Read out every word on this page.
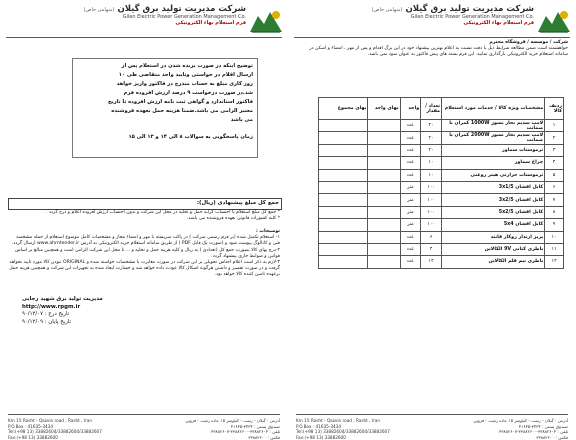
شرکت مدیریت تولید برق گیلان (سهامی خاص)
Gilan Electric Power Generation Management Co.
فرم استعلام بهاء الکترونیکی
توضیح اینکه در صورت برنده شدن در استعلام پس از
ارسال اقلام در خواستی وتایید واحد متقاضی ظی ۱۰
روز کاری مبلغ به حساب مندرج در فاکتور واریز خواهد
شد.در صورت درخواست ۹ درصد ارزش افزوده فرم
فاکتور استاندارد و گواهی ثبت نامه ارزش افزوده تا تاریخ
معتبر الزامی می باشد.ضمنا هزینه حمل بعهده فروشنده
می باشد
زمان پاسخگویی به سوالات ۸ الی ۱۴ و ۱۳ الی ۱۵
جمع کل مبلغ پیشنهادی (ریال):
* جمع کل مبلغ استعلام با احتساب کرایه حمل و تخلیه در محل این شرکت و بدون احتساب ارزش افزوده اعلام و درج گردد .
* کلیه کسورات قانونی بعهده فروشنده می باشد.
توضیحات :
۱- استعلام تکمیل شده (بر فرم رسمی شرکت ) در پاکت سربسته با مهر و امضاء مجاز و مشخصات کامل موضوع استعلام از جمله مشخصه فنی و کاتالوگ پیوست شود و (صورت یک فایل PDF ) از طریق سامانه استعلام خرید الکترونیکی به آدرس www.ahrntender.ir ارسال گردد.
۲-درج بهای کالا بصورت جمع کل (تعدادی ) به ریال و کلیه هزینه حمل و تخلیه و ... تا محل این شرکت الزامی است و همچنین مبالغ بر اساس قوانین و ضوابط جاری پیشنهاد گردد.
۳-لازم به ذکر است اعلام اجناس تحویلی بر این شرکت در صورت مغایرت با مشخصات خواسته شده و ORIGINAL نبودن کالا مورد تایید نخواهد گرفت و در صورت تقصیر و داشتن هرگونه اشکال کالا عودت داده خواهد شد و خسارت ایجاد شده به تجهیزات این شرکت و همچنین هزینه حمل برعهده تامین کننده کالا خواهد بود.
مدیریت تولید برق شهید رجایی
http://www.rpgm.ir
تاریخ درج : ۹۰/۱۲/۰۷
تاریخ پایان : ۹۰/۱۲/۰۹
Km 15 Rasht - Qazvin road , Rasht , Iran
P.O.Box : 41635-3434
Tel:(+98 13) 33882604/33882600/33882607
Fax:(+98 13) 33882600
آدرس : گیلان - رشت - کیلومتر ۱۵ جاده رشت - قزوین
صندوق پستی : ۳۴۳۴-۴۱۶۳۵
تلفن : ۳۳۸۸۲۶۰۴-۳۳۸۸۲۶۰۰-۳۳۸۸۲۶۰۷
فکس : ۳۳۸۸۲۶۰۰
شرکت مدیریت تولید برق گیلان (سهامی خاص)
Gilan Electric Power Generation Management Co.
فرم استعلام بهاء الکترونیکی
شرکت / موسسه / فروشگاه محترم
خواهشمند است ضمن مطالعه شرایط ذیل با دقت نسبت به اعلام بهترین پیشنهاد خود در این برگ اقدام و پس از مهر ، امضاء و اسکن در سامانه استعلام خرید الکترونیکی بارگذاری نمایید. این فرم بسته های پیش فاکتور به عنوان سود نمی باشد.
ردیف کالا	مشخصات ویژه کالا / خدمات مورد استعلام	تعداد / مقدار	واحد	بهای واحد	بهای مجموع
۱	لامپ سدیم بخار نسوز 1000W کمران با ضمانت	۲۰	عدد		
۲	لامپ سدیم بخار نسوز 2000W کمران با ضمانت	۲۰	عدد		
۳	ترموستات سماور	۲۰	عدد		
۴	چراغ سماور	۱۰	عدد		
۵	ترموستات حرارتی هیتر روغنی	۱۰	عدد		
۶	کابل افشان 3x1/5	۱۰۰	متر		
۷	کابل افشان 3x2/5	۱۰۰	متر		
۸	کابل افشان 5x2/5	۱۰۰	متر		
۹	کابل افشان 5x4	۱۰۰	متر		
۱۰	پریز ارتدار روکار فانتد	۶	عدد		
۱۱	باطری کتابی 9V الکالاین	۴	عدد		
۱۲	باطری نیم قلم الکالاین	۱۴	عدد		
Km 15 Rasht - Qazvin road , Rasht , Iran
P.O.Box : 41635-3434
Tel:(+98 13) 33882604/33882600/33882607
Fax:(+98 13) 33882600
آدرس : گیلان - رشت - کیلومتر ۱۵ جاده رشت - قزوین
صندوق پستی : ۳۴۳۴-۴۱۶۳۵
تلفن : ۳۳۸۸۲۶۰۴-۳۳۸۸۲۶۰۰-۳۳۸۸۲۶۰۷
فکس : ۳۳۸۸۲۶۰۰
